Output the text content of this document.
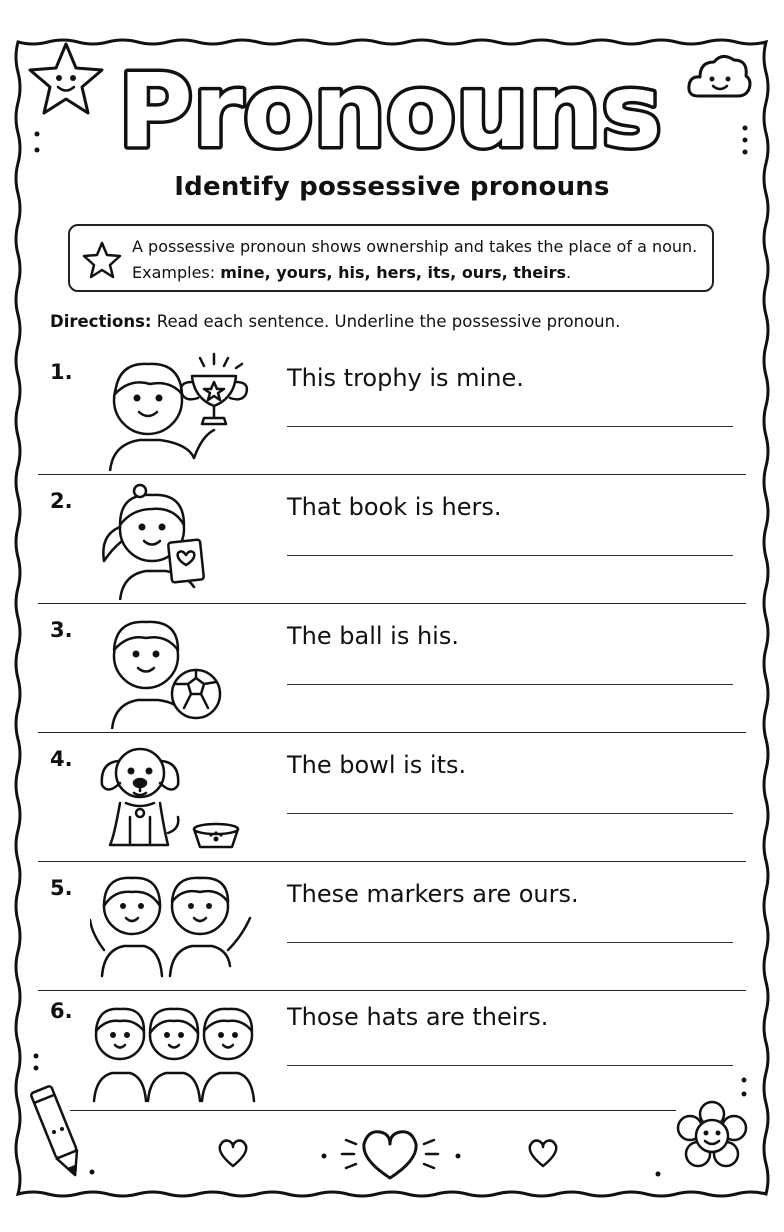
Pronouns
Identify possessive pronouns
A possessive pronoun shows ownership and takes the place of a noun. Examples: mine, yours, his, hers, its, ours, theirs.
Directions: Read each sentence. Underline the possessive pronoun.
1.	This trophy is mine.
2.	That book is hers.
3.	The ball is his.
4.	The bowl is its.
5.	These markers are ours.
6.	Those hats are theirs.
